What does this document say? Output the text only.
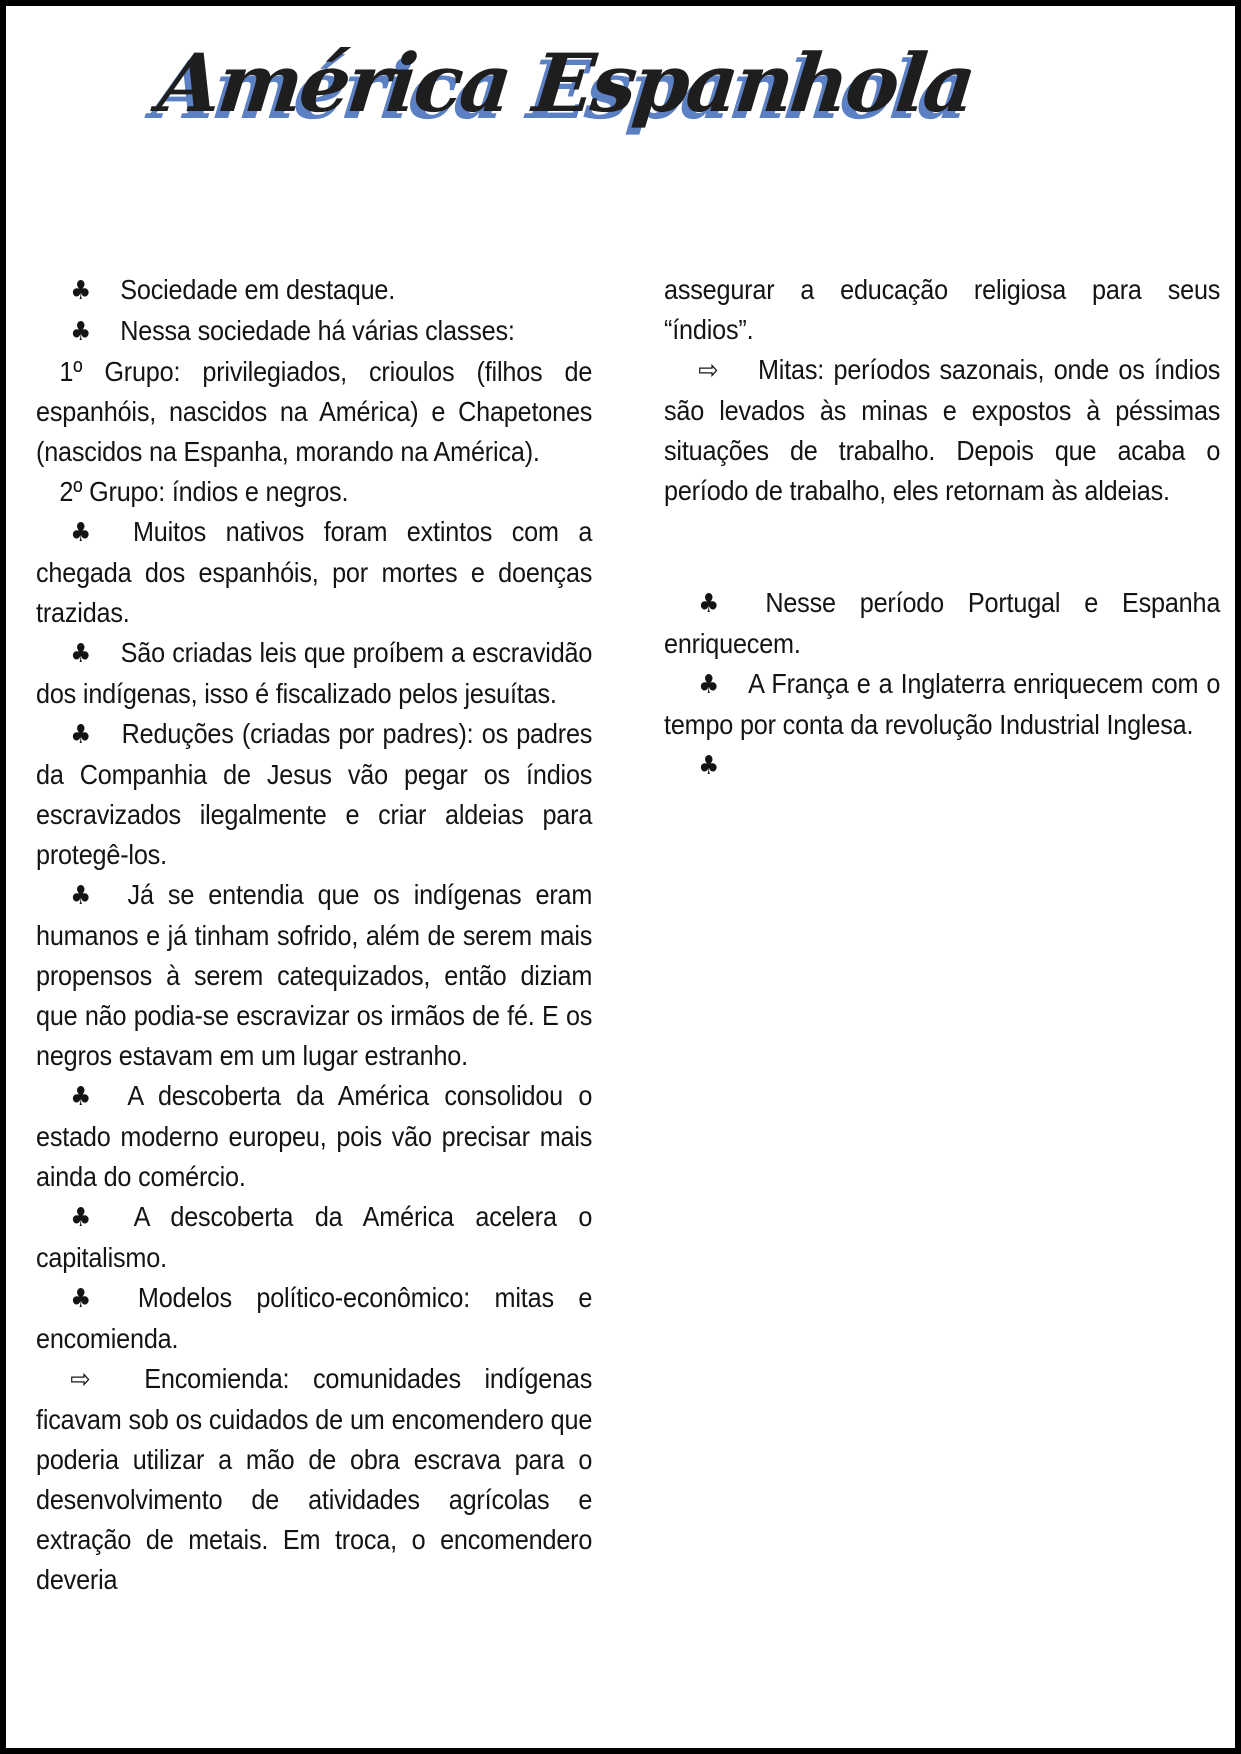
América Espanhola

♣ Sociedade em destaque.

♣ Nessa sociedade há várias classes:

1º Grupo: privilegiados, crioulos (filhos de espanhóis, nascidos na América) e Chapetones (nascidos na Espanha, morando na América).

2º Grupo: índios e negros.

♣ Muitos nativos foram extintos com a chegada dos espanhóis, por mortes e doenças trazidas.

♣ São criadas leis que proíbem a escravidão dos indígenas, isso é fiscalizado pelos jesuítas.

♣ Reduções (criadas por padres): os padres da Companhia de Jesus vão pegar os índios escravizados ilegalmente e criar aldeias para protegê-los.

♣ Já se entendia que os indígenas eram humanos e já tinham sofrido, além de serem mais propensos à serem catequizados, então diziam que não podia-se escravizar os irmãos de fé. E os negros estavam em um lugar estranho.

♣ A descoberta da América consolidou o estado moderno europeu, pois vão precisar mais ainda do comércio.

♣ A descoberta da América acelera o capitalismo.

♣ Modelos político-econômico: mitas e encomienda.

⇨ Encomienda: comunidades indígenas ficavam sob os cuidados de um encomendero que poderia utilizar a mão de obra escrava para o desenvolvimento de atividades agrícolas e extração de metais. Em troca, o encomendero deveria

assegurar a educação religiosa para seus “índios”.

⇨ Mitas: períodos sazonais, onde os índios são levados às minas e expostos à péssimas situações de trabalho. Depois que acaba o período de trabalho, eles retornam às aldeias.

♣ Nesse período Portugal e Espanha enriquecem.

♣ A França e a Inglaterra enriquecem com o tempo por conta da revolução Industrial Inglesa.

♣
